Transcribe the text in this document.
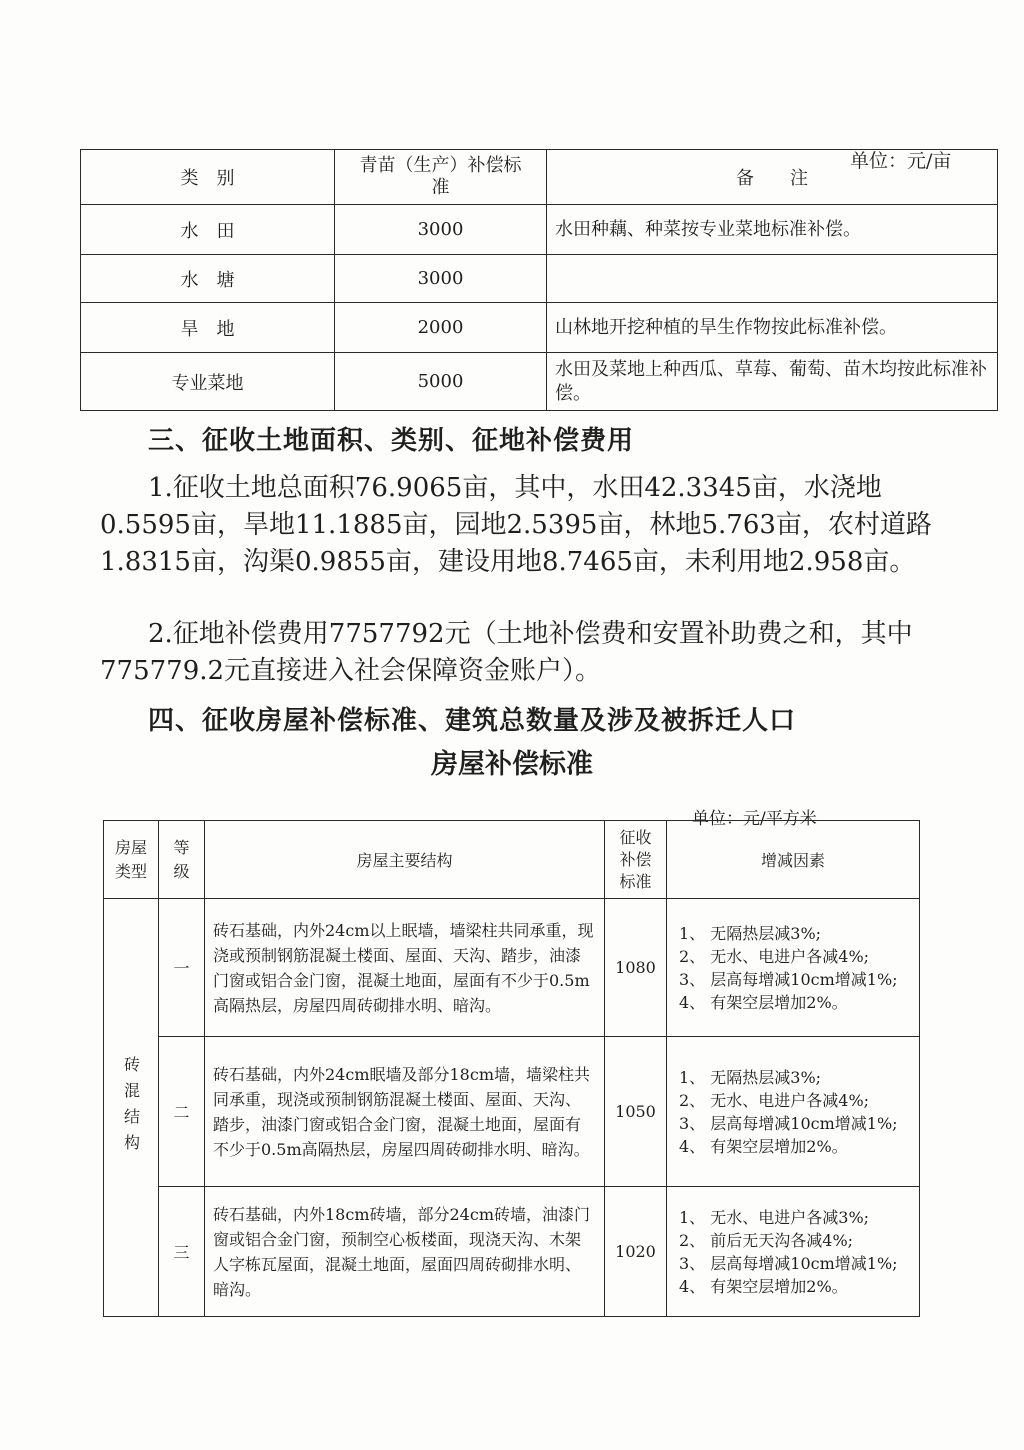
单位：元/亩
类　别	青苗（生产）补偿标准	备　　注
水　田	3000	水田种藕、种菜按专业菜地标准补偿。
水　塘	3000	
旱　地	2000	山林地开挖种植的旱生作物按此标准补偿。
专业菜地	5000	水田及菜地上种西瓜、草莓、葡萄、苗木均按此标准补偿。
三、征收土地面积、类别、征地补偿费用
1.征收土地总面积76.9065亩，其中，水田42.3345亩，水浇地0.5595亩，旱地11.1885亩，园地2.5395亩，林地5.763亩，农村道路1.8315亩，沟渠0.9855亩，建设用地8.7465亩，未利用地2.958亩。
2.征地补偿费用7757792元（土地补偿费和安置补助费之和，其中775779.2元直接进入社会保障资金账户）。
四、征收房屋补偿标准、建筑总数量及涉及被拆迁人口
房屋补偿标准
单位：元/平方米
房屋类型	等级	房屋主要结构	征收补偿标准	增减因素

砖混结构	一	砖石基础，内外24cm以上眠墙，墙梁柱共同承重，现浇或预制钢筋混凝土楼面、屋面、天沟、踏步，油漆门窗或铝合金门窗，混凝土地面，屋面有不少于0.5m高隔热层，房屋四周砖砌排水明、暗沟。	1080	1、 无隔热层减3%;
2、 无水、电进户各减4%;
3、 层高每增减10cm增减1%;
4、 有架空层增加2%。

	二	砖石基础，内外24cm眠墙及部分18cm墙，墙梁柱共同承重，现浇或预制钢筋混凝土楼面、屋面、天沟、踏步，油漆门窗或铝合金门窗，混凝土地面，屋面有不少于0.5m高隔热层，房屋四周砖砌排水明、暗沟。	1050	1、 无隔热层减3%;
2、 无水、电进户各减4%;
3、 层高每增减10cm增减1%;
4、 有架空层增加2%。

	三	砖石基础，内外18cm砖墙，部分24cm砖墙，油漆门窗或铝合金门窗，预制空心板楼面，现浇天沟、木架人字栋瓦屋面，混凝土地面，屋面四周砖砌排水明、暗沟。	1020	1、 无水、电进户各减3%;
2、 前后无天沟各减4%;
3、 层高每增减10cm增减1%;
4、 有架空层增加2%。
